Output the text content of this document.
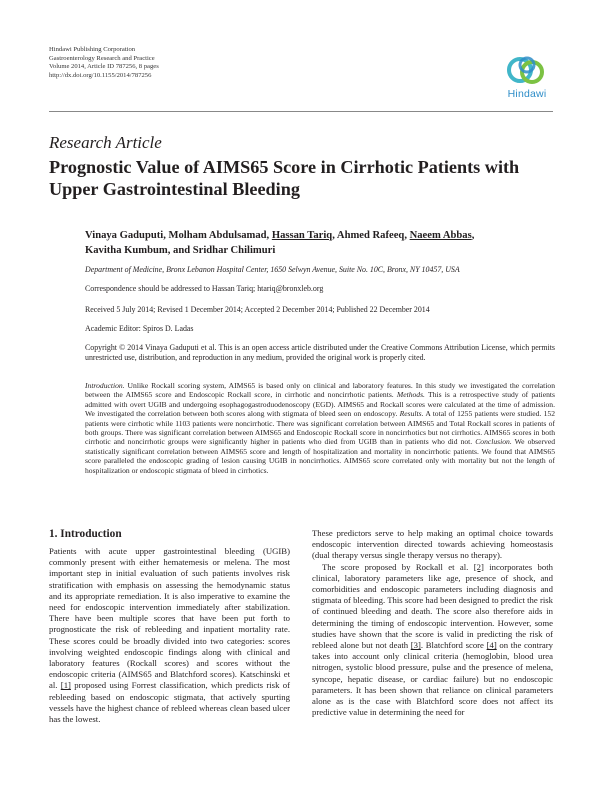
Hindawi Publishing Corporation
Gastroenterology Research and Practice
Volume 2014, Article ID 787256, 8 pages
http://dx.doi.org/10.1155/2014/787256
Hindawi
Research Article
Prognostic Value of AIMS65 Score in Cirrhotic Patients with Upper Gastrointestinal Bleeding
Vinaya Gaduputi, Molham Abdulsamad, Hassan Tariq, Ahmed Rafeeq, Naeem Abbas,
Kavitha Kumbum, and Sridhar Chilimuri
Department of Medicine, Bronx Lebanon Hospital Center, 1650 Selwyn Avenue, Suite No. 10C, Bronx, NY 10457, USA
Correspondence should be addressed to Hassan Tariq; htariq@bronxleb.org
Received 5 July 2014; Revised 1 December 2014; Accepted 2 December 2014; Published 22 December 2014
Academic Editor: Spiros D. Ladas
Copyright © 2014 Vinaya Gaduputi et al. This is an open access article distributed under the Creative Commons Attribution License, which permits unrestricted use, distribution, and reproduction in any medium, provided the original work is properly cited.
Introduction. Unlike Rockall scoring system, AIMS65 is based only on clinical and laboratory features. In this study we investigated the correlation between the AIMS65 score and Endoscopic Rockall score, in cirrhotic and noncirrhotic patients. Methods. This is a retrospective study of patients admitted with overt UGIB and undergoing esophagogastroduodenoscopy (EGD). AIMS65 and Rockall scores were calculated at the time of admission. We investigated the correlation between both scores along with stigmata of bleed seen on endoscopy. Results. A total of 1255 patients were studied. 152 patients were cirrhotic while 1103 patients were noncirrhotic. There was significant correlation between AIMS65 and Total Rockall scores in patients of both groups. There was significant correlation between AIMS65 and Endoscopic Rockall score in noncirrhotics but not cirrhotics. AIMS65 scores in both cirrhotic and noncirrhotic groups were significantly higher in patients who died from UGIB than in patients who did not. Conclusion. We observed statistically significant correlation between AIMS65 score and length of hospitalization and mortality in noncirrhotic patients. We found that AIMS65 score paralleled the endoscopic grading of lesion causing UGIB in noncirrhotics. AIMS65 score correlated only with mortality but not the length of hospitalization or endoscopic stigmata of bleed in cirrhotics.
1. Introduction

Patients with acute upper gastrointestinal bleeding (UGIB) commonly present with either hematemesis or melena. The most important step in initial evaluation of such patients involves risk stratification with emphasis on assessing the hemodynamic status and its appropriate remediation. It is also imperative to examine the need for endoscopic intervention immediately after stabilization. There have been multiple scores that have been put forth to prognosticate the risk of rebleeding and inpatient mortality rate. These scores could be broadly divided into two categories: scores involving weighted endoscopic findings along with clinical and laboratory features (Rockall scores) and scores without the endoscopic criteria (AIMS65 and Blatchford scores). Katschinski et al. [1] proposed using Forrest classification, which predicts risk of rebleeding based on endoscopic stigmata, that actively spurting vessels have the highest chance of rebleed whereas clean based ulcer has the lowest.

These predictors serve to help making an optimal choice towards endoscopic intervention directed towards achieving homeostasis (dual therapy versus single therapy versus no therapy).

The score proposed by Rockall et al. [2] incorporates both clinical, laboratory parameters like age, presence of shock, and comorbidities and endoscopic parameters including diagnosis and stigmata of bleeding. This score had been designed to predict the risk of continued bleeding and death. The score also therefore aids in determining the timing of endoscopic intervention. However, some studies have shown that the score is valid in predicting the risk of rebleed alone but not death [3]. Blatchford score [4] on the contrary takes into account only clinical criteria (hemoglobin, blood urea nitrogen, systolic blood pressure, pulse and the presence of melena, syncope, hepatic disease, or cardiac failure) but no endoscopic parameters. It has been shown that reliance on clinical parameters alone as is the case with Blatchford score does not affect its predictive value in determining the need for
